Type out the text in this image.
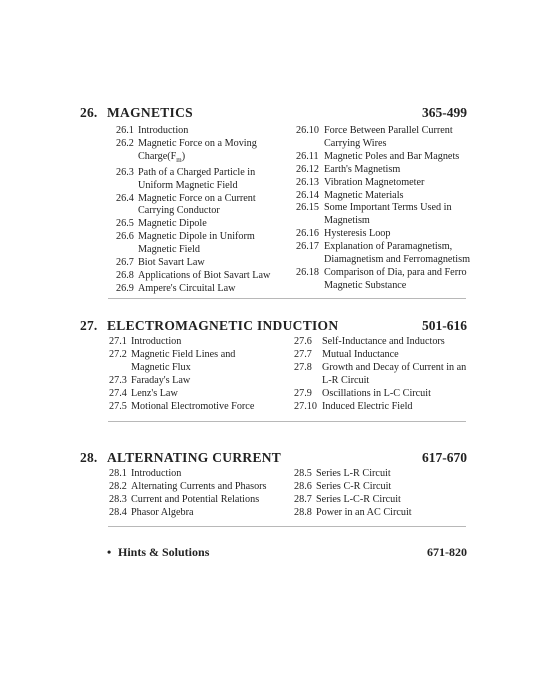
26. MAGNETICS	365-499
26.1 Introduction
26.2 Magnetic Force on a Moving
$Charge(F_m)$
26.3 Path of a Charged Particle in
Uniform Magnetic Field
26.4 Magnetic Force on a Current
Carrying Conductor
26.5 Magnetic Dipole
26.6 Magnetic Dipole in Uniform
Magnetic Field
26.7 Biot Savart Law
26.8 Applications of Biot Savart Law
26.9 Ampere's Circuital Law
26.10 Force Between Parallel Current
Carrying Wires
26.11 Magnetic Poles and Bar Magnets
26.12 Earth's Magnetism
26.13 Vibration Magnetometer
26.14 Magnetic Materials
26.15 Some Important Terms Used in
Magnetism
26.16 Hysteresis Loop
26.17 Explanation of Paramagnetism,
Diamagnetism and Ferromagnetism
26.18 Comparison of Dia, para and Ferro
Magnetic Substance
27. ELECTROMAGNETIC INDUCTION	501-616
27.1 Introduction
27.2 Magnetic Field Lines and
Magnetic Flux
27.3 Faraday's Law
27.4 Lenz's Law
27.5 Motional Electromotive Force
27.6 Self-Inductance and Inductors
27.7 Mutual Inductance
27.8 Growth and Decay of Current in an
L-R Circuit
27.9 Oscillations in L-C Circuit
27.10 Induced Electric Field
28. ALTERNATING CURRENT	617-670
28.1 Introduction
28.2 Alternating Currents and Phasors
28.3 Current and Potential Relations
28.4 Phasor Algebra
28.5 Series L-R Circuit
28.6 Series C-R Circuit
28.7 Series L-C-R Circuit
28.8 Power in an AC Circuit
• Hints & Solutions	671-820
